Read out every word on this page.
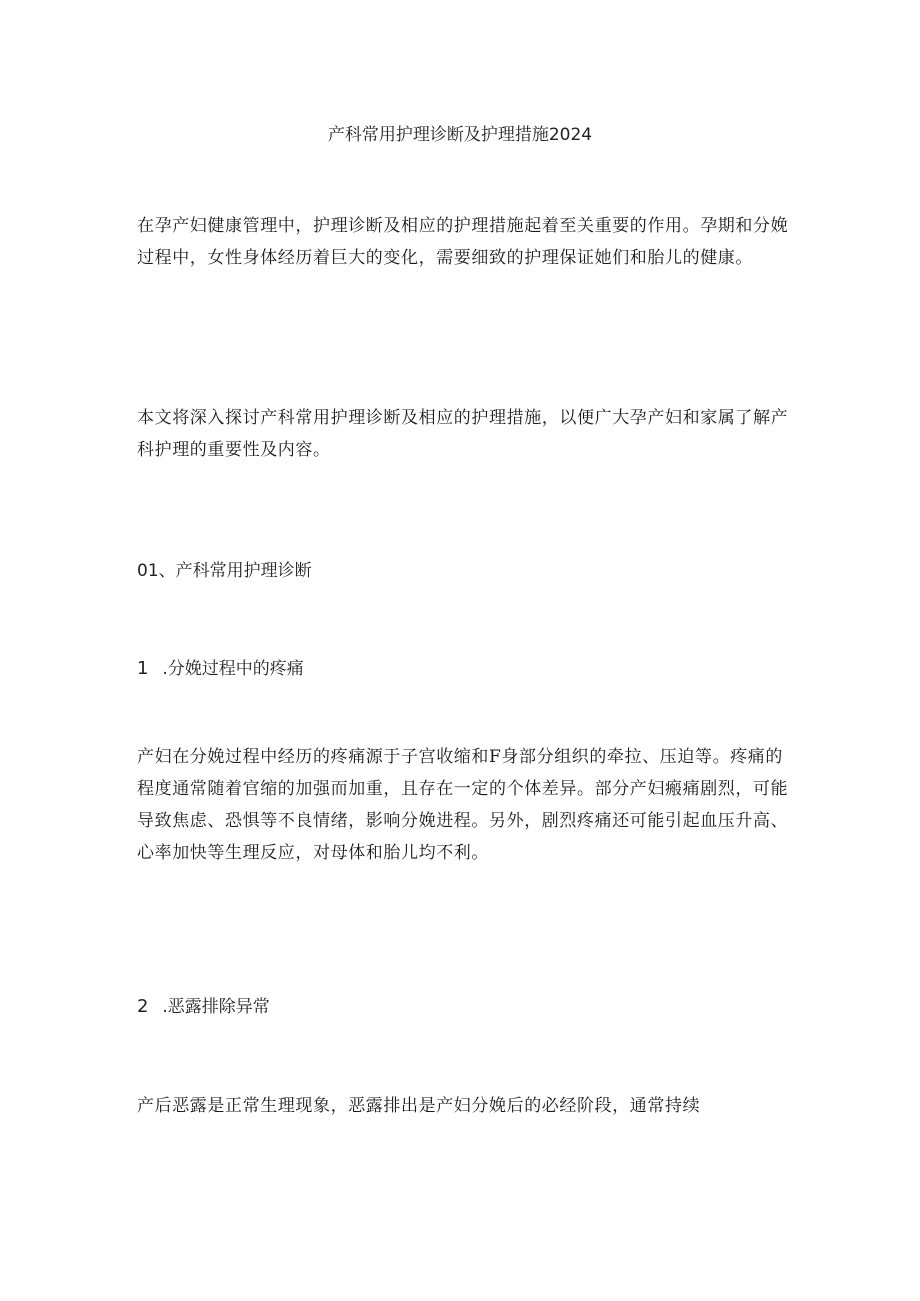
产科常用护理诊断及护理措施2024
在孕产妇健康管理中，护理诊断及相应的护理措施起着至关重要的作用。孕期和分娩过程中，女性身体经历着巨大的变化，需要细致的护理保证她们和胎儿的健康。
本文将深入探讨产科常用护理诊断及相应的护理措施，以便广大孕产妇和家属了解产科护理的重要性及内容。
01、产科常用护理诊断
1 .分娩过程中的疼痛
产妇在分娩过程中经历的疼痛源于子宫收缩和F身部分组织的牵拉、压迫等。疼痛的程度通常随着官缩的加强而加重，且存在一定的个体差异。部分产妇瘢痛剧烈，可能导致焦虑、恐惧等不良情绪，影响分娩进程。另外，剧烈疼痛还可能引起血压升高、心率加快等生理反应，对母体和胎儿均不利。
2 .恶露排除异常
产后恶露是正常生理现象，恶露排出是产妇分娩后的必经阶段，通常持续
